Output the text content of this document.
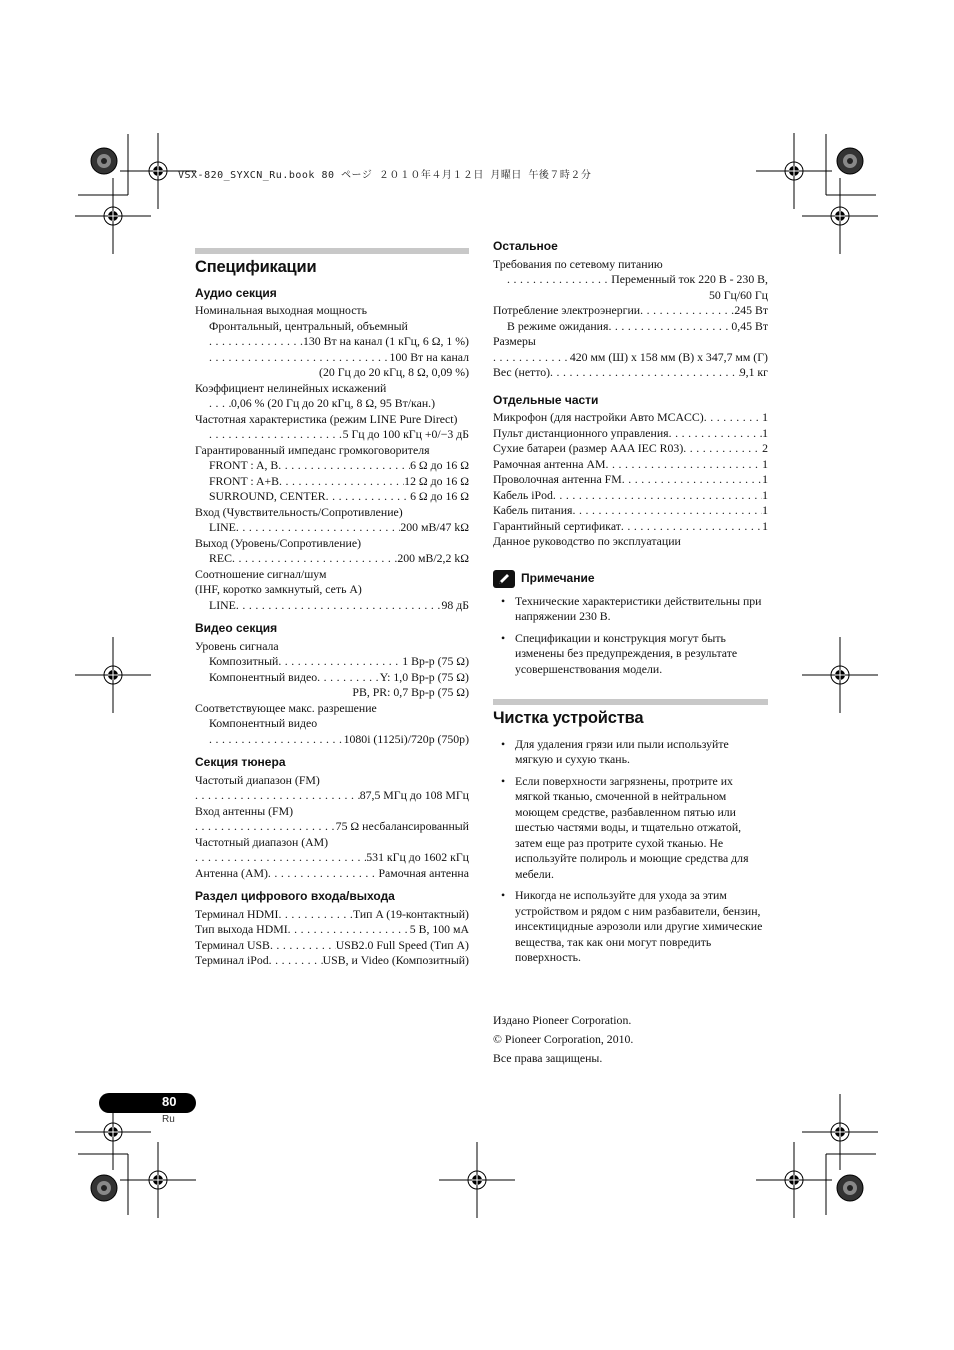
VSX-820_SYXCN_Ru.book 80 ページ ２０１０年４月１２日 月曜日 午後７時２分
Спецификации
Аудио секция
Номинальная выходная мощность
Фронтальный, центральный, объемный
. . .
130 Вт на канал (1 кГц, 6 Ω, 1 %)
. . .
100 Вт на канал
(20 Гц до 20 кГц, 8 Ω, 0,09 %)
Коэффициент нелинейных искажений
. . .
0,06 % (20 Гц до 20 кГц, 8 Ω, 95 Вт/кан.)
Частотная характеристика (режим LINE Pure Direct)
. . .
5 Гц до 100 кГц +0/−3 дБ
Гарантированный импеданс громкоговорителя
FRONT : A, B . . .	6 Ω до 16 Ω
FRONT : A+B . . .	12 Ω до 16 Ω
SURROUND, CENTER . . .	6 Ω до 16 Ω
Вход (Чувствительность/Сопротивление)
LINE . . .	200 мВ/47 kΩ
Выход (Уровень/Сопротивление)
REC . . .	200 мВ/2,2 kΩ
Соотношение сигнал/шум
(IHF, коротко замкнутый, сеть A)
LINE . . .	98 дБ
Видео секция
Уровень сигнала
Композитный . . .	1 Вр-р (75 Ω)
Компонентный видео . . .	Y: 1,0 Вр-р (75 Ω)
PB, PR: 0,7 Вр-р (75 Ω)
Соответствующее макс. разрешение
Компонентный видео
. . .
1080i (1125i)/720p (750p)
Секция тюнера
Частотый диапазон (FM)
. . .
87,5 МГц до 108 МГц
Вход антенны (FM)
. . .
75 Ω несбалансированный
Частотный диапазон (AM)
. . .
531 кГц до 1602 кГц
Антенна (AM) . . .	Рамочная антенна
Раздел цифрового входа/выхода
Терминал HDMI . . .	Тип A (19-контактный)
Тип выхода HDMI . . .	5 В, 100 мА
Терминал USB . . .	USB2.0 Full Speed (Тип A)
Терминал iPod . . .	USB, и Video (Композитный)
Остальное
Требования по сетевому питанию
. . .
Переменный ток 220 В - 230 В,
50 Гц/60 Гц
Потребление электроэнергии . . .	245 Вт
В режиме ожидания . . .	0,45 Вт
Размеры
. . .
420 мм (Ш) x 158 мм (В) x 347,7 мм (Г)
Вес (нетто) . . .	9,1 кг
Отдельные части
Микрофон (для настройки Авто MCACC) . . .	1
Пульт дистанционного управления . . .	1
Сухие батареи (размер AAA IEC R03) . . .	2
Рамочная антенна AM . . .	1
Проволочная антенна FM . . .	1
Кабель iPod . . .	1
Кабель питания . . .	1
Гарантийный сертификат . . .	1
Данное руководство по эксплуатации
Примечание
• Технические характеристики действительны при напряжении 230 В.
• Спецификации и конструкция могут быть изменены без предупреждения, в результате усовершенствования модели.
Чистка устройства
• Для удаления грязи или пыли используйте мягкую и сухую ткань.
• Если поверхности загрязнены, протрите их мягкой тканью, смоченной в нейтральном моющем средстве, разбавленном пятью или шестью частями воды, и тщательно отжатой, затем еще раз протрите сухой тканью. Не используйте полироль и моющие средства для мебели.
• Никогда не используйте для ухода за этим устройством и рядом с ним разбавители, бензин, инсектицидные аэрозоли или другие химические вещества, так как они могут повредить поверхность.
Издано Pioneer Corporation.
© Pioneer Corporation, 2010.
Все права защищены.
80
Ru
